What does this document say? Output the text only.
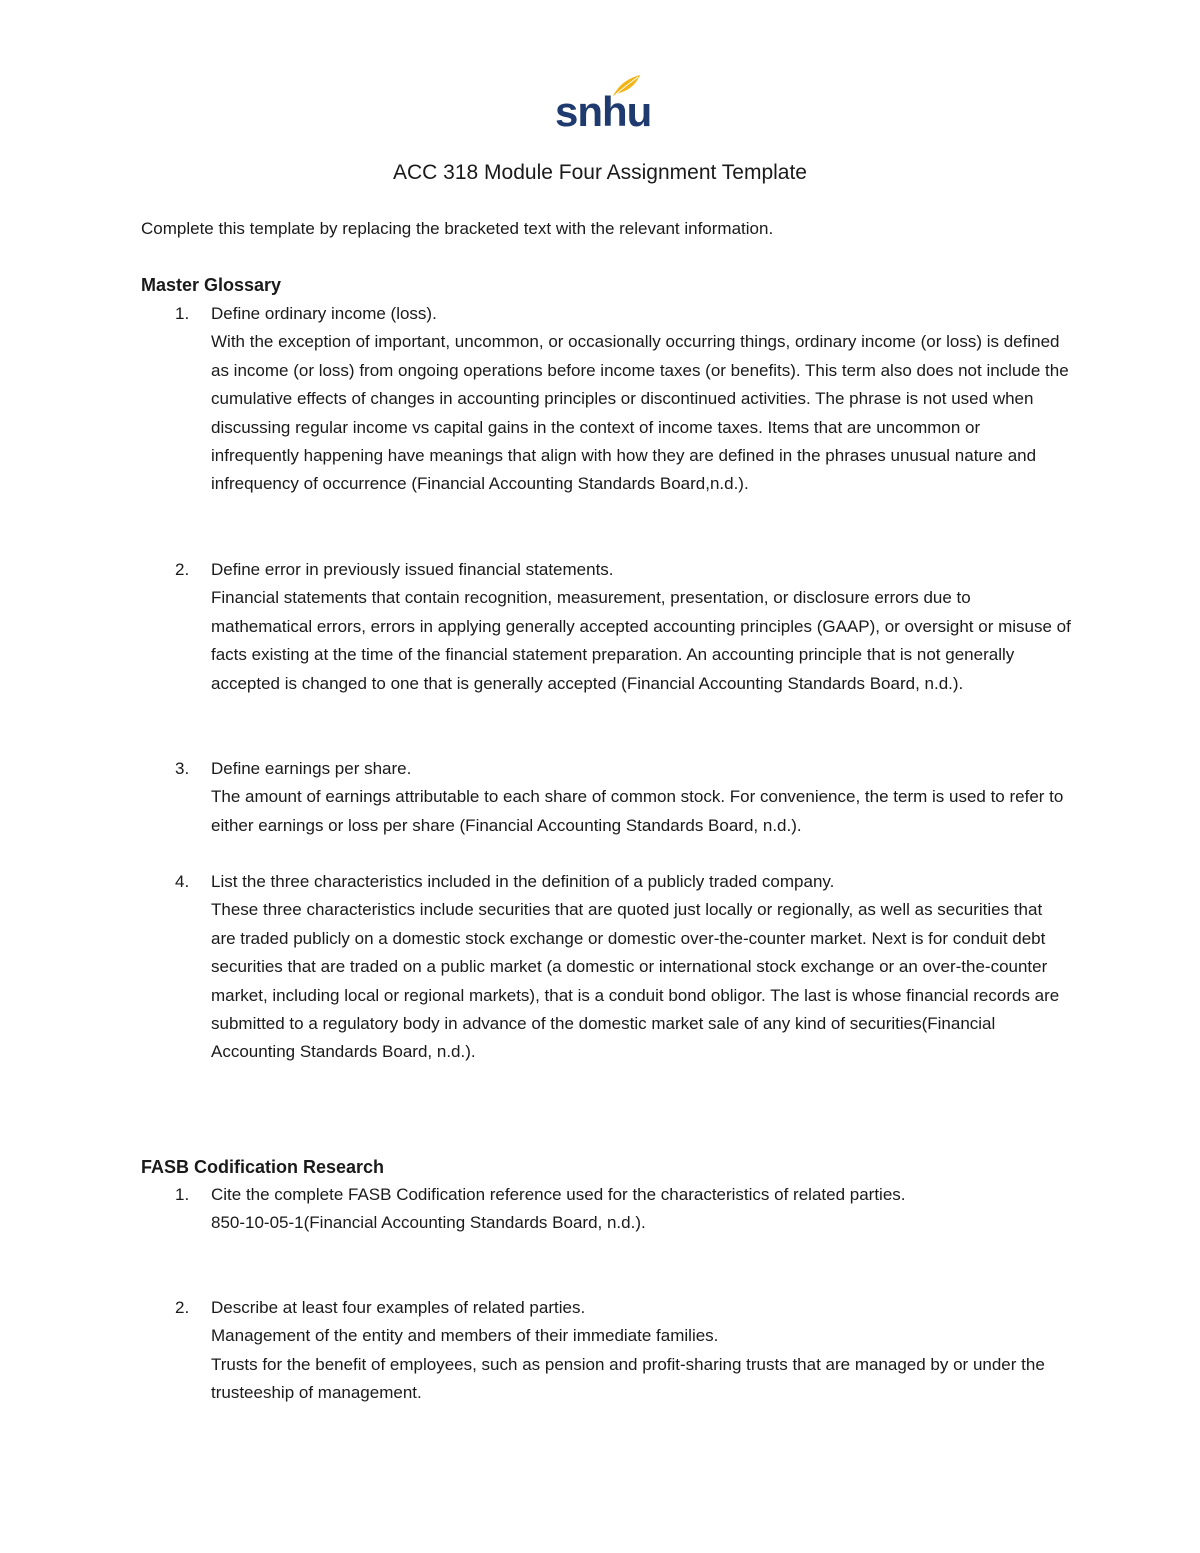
snhu
ACC 318 Module Four Assignment Template
Complete this template by replacing the bracketed text with the relevant information.
Master Glossary
1. Define ordinary income (loss).
With the exception of important, uncommon, or occasionally occurring things, ordinary income (or loss) is defined as income (or loss) from ongoing operations before income taxes (or benefits). This term also does not include the cumulative effects of changes in accounting principles or discontinued activities. The phrase is not used when discussing regular income vs capital gains in the context of income taxes. Items that are uncommon or infrequently happening have meanings that align with how they are defined in the phrases unusual nature and infrequency of occurrence (Financial Accounting Standards Board,n.d.).
2. Define error in previously issued financial statements.
Financial statements that contain recognition, measurement, presentation, or disclosure errors due to mathematical errors, errors in applying generally accepted accounting principles (GAAP), or oversight or misuse of facts existing at the time of the financial statement preparation. An accounting principle that is not generally accepted is changed to one that is generally accepted (Financial Accounting Standards Board, n.d.).
3. Define earnings per share.
The amount of earnings attributable to each share of common stock. For convenience, the term is used to refer to either earnings or loss per share (Financial Accounting Standards Board, n.d.).
4. List the three characteristics included in the definition of a publicly traded company.
These three characteristics include securities that are quoted just locally or regionally, as well as securities that are traded publicly on a domestic stock exchange or domestic over-the-counter market. Next is for conduit debt securities that are traded on a public market (a domestic or international stock exchange or an over-the-counter market, including local or regional markets), that is a conduit bond obligor. The last is whose financial records are submitted to a regulatory body in advance of the domestic market sale of any kind of securities(Financial Accounting Standards Board, n.d.).
FASB Codification Research
1. Cite the complete FASB Codification reference used for the characteristics of related parties.
850-10-05-1(Financial Accounting Standards Board, n.d.).
2. Describe at least four examples of related parties.
Management of the entity and members of their immediate families.
Trusts for the benefit of employees, such as pension and profit-sharing trusts that are managed by or under the trusteeship of management.
